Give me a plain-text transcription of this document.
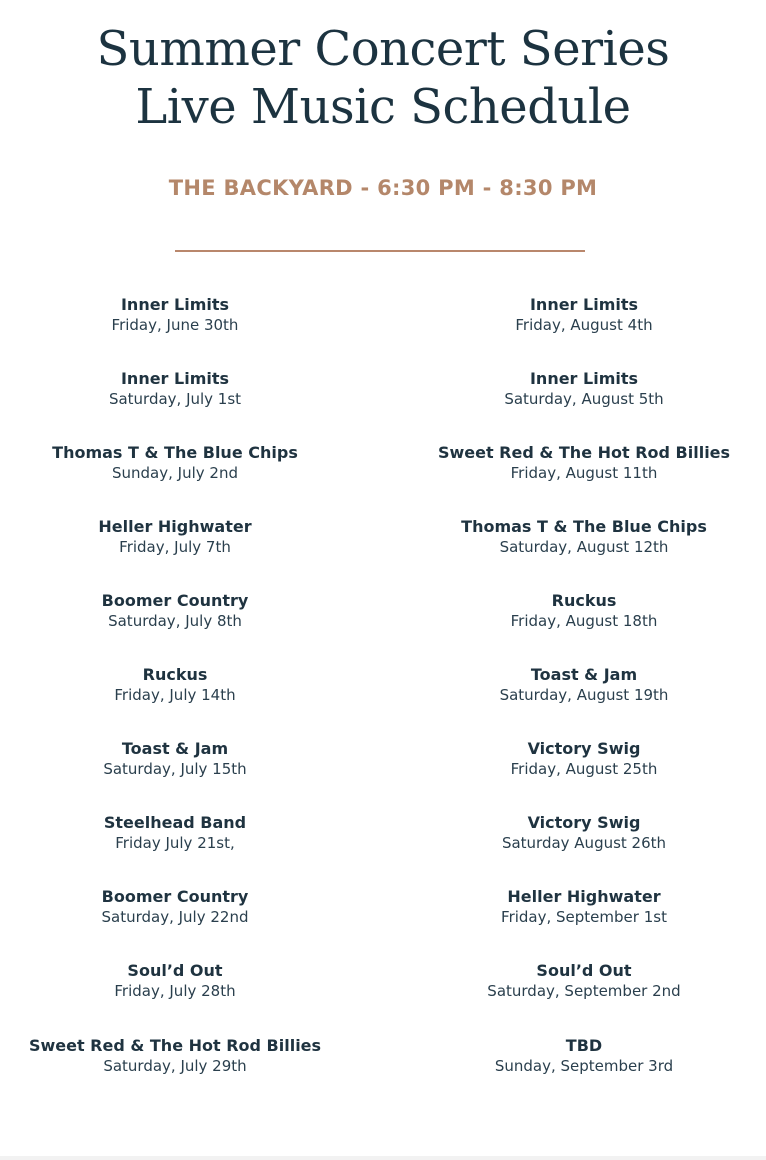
Summer Concert Series
Live Music Schedule
THE BACKYARD - 6:30 PM - 8:30 PM
Inner Limits
Friday, June 30th
Inner Limits
Saturday, July 1st
Thomas T & The Blue Chips
Sunday, July 2nd
Heller Highwater
Friday, July 7th
Boomer Country
Saturday, July 8th
Ruckus
Friday, July 14th
Toast & Jam
Saturday, July 15th
Steelhead Band
Friday July 21st,
Boomer Country
Saturday, July 22nd
Soul’d Out
Friday, July 28th
Sweet Red & The Hot Rod Billies
Saturday, July 29th
Inner Limits
Friday, August 4th
Inner Limits
Saturday, August 5th
Sweet Red & The Hot Rod Billies
Friday, August 11th
Thomas T & The Blue Chips
Saturday, August 12th
Ruckus
Friday, August 18th
Toast & Jam
Saturday, August 19th
Victory Swig
Friday, August 25th
Victory Swig
Saturday August 26th
Heller Highwater
Friday, September 1st
Soul’d Out
Saturday, September 2nd
TBD
Sunday, September 3rd
